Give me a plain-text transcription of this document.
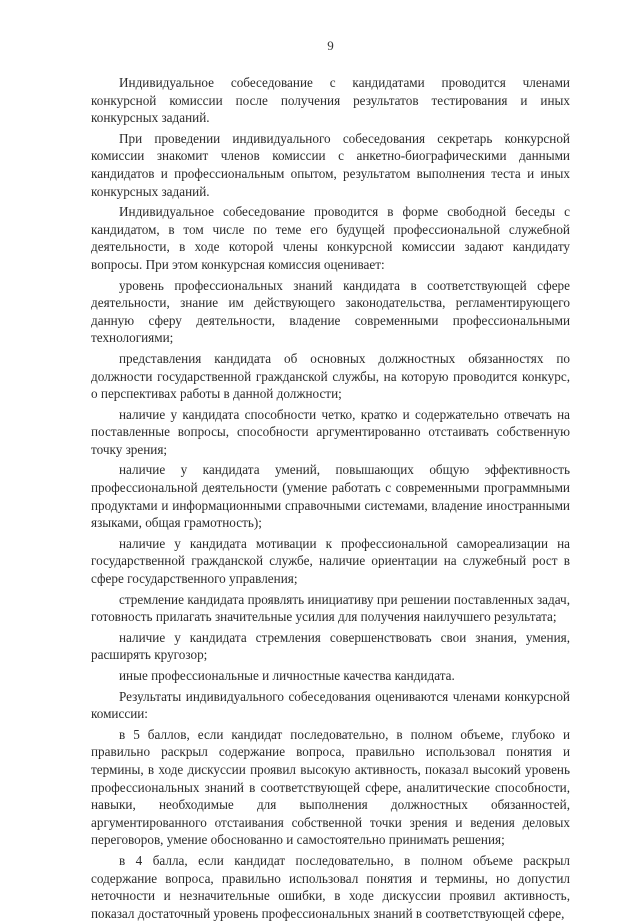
9

Индивидуальное собеседование с кандидатами проводится членами конкурсной комиссии после получения результатов тестирования и иных конкурсных заданий.

При проведении индивидуального собеседования секретарь конкурсной комиссии знакомит членов комиссии с анкетно-биографическими данными кандидатов и профессиональным опытом, результатом выполнения теста и иных конкурсных заданий.

Индивидуальное собеседование проводится в форме свободной беседы с кандидатом, в том числе по теме его будущей профессиональной служебной деятельности, в ходе которой члены конкурсной комиссии задают кандидату вопросы. При этом конкурсная комиссия оценивает:

уровень профессиональных знаний кандидата в соответствующей сфере деятельности, знание им действующего законодательства, регламентирующего данную сферу деятельности, владение современными профессиональными технологиями;

представления кандидата об основных должностных обязанностях по должности государственной гражданской службы, на которую проводится конкурс, о перспективах работы в данной должности;

наличие у кандидата способности четко, кратко и содержательно отвечать на поставленные вопросы, способности аргументированно отстаивать собственную точку зрения;

наличие у кандидата умений, повышающих общую эффективность профессиональной деятельности (умение работать с современными программными продуктами и информационными справочными системами, владение иностранными языками, общая грамотность);

наличие у кандидата мотивации к профессиональной самореализации на государственной гражданской службе, наличие ориентации на служебный рост в сфере государственного управления;

стремление кандидата проявлять инициативу при решении поставленных задач, готовность прилагать значительные усилия для получения наилучшего результата;

наличие у кандидата стремления совершенствовать свои знания, умения, расширять кругозор;

иные профессиональные и личностные качества кандидата.

Результаты индивидуального собеседования оцениваются членами конкурсной комиссии:

в 5 баллов, если кандидат последовательно, в полном объеме, глубоко и правильно раскрыл содержание вопроса, правильно использовал понятия и термины, в ходе дискуссии проявил высокую активность, показал высокий уровень профессиональных знаний в соответствующей сфере, аналитические способности, навыки, необходимые для выполнения должностных обязанностей, аргументированного отстаивания собственной точки зрения и ведения деловых переговоров, умение обоснованно и самостоятельно принимать решения;

в 4 балла, если кандидат последовательно, в полном объеме раскрыл содержание вопроса, правильно использовал понятия и термины, но допустил неточности и незначительные ошибки, в ходе дискуссии проявил активность, показал достаточный уровень профессиональных знаний в соответствующей сфере,
